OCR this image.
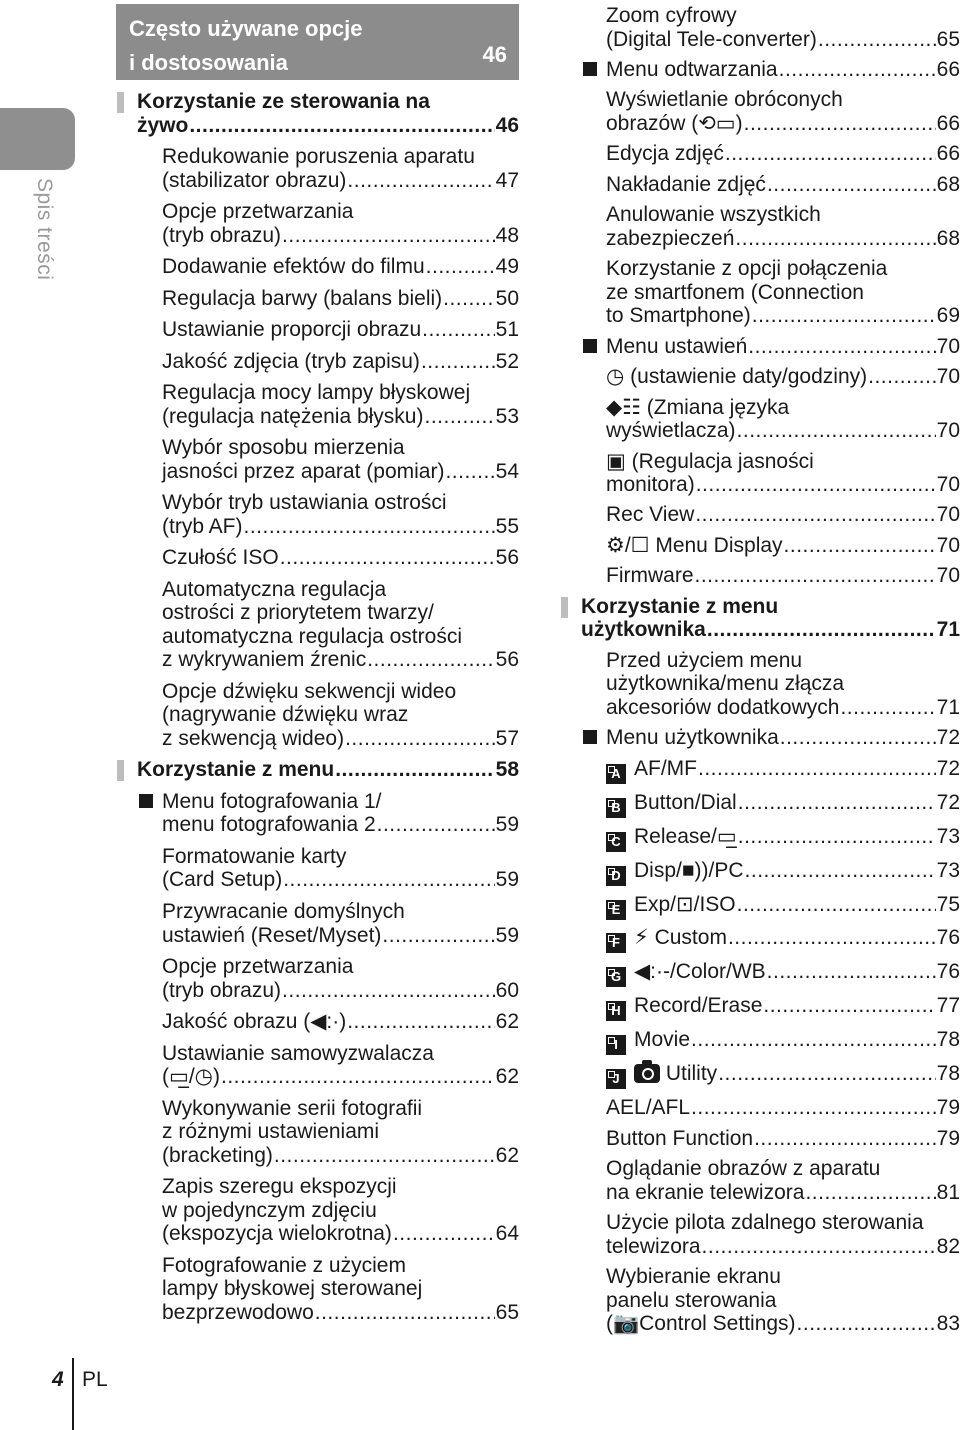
Spis treści
Często używane opcje
i dostosowania	46
Korzystanie ze sterowania na
żywo .....	46
Redukowanie poruszenia aparatu
(stabilizator obrazu) .....	47
Opcje przetwarzania
(tryb obrazu) .....	48
Dodawanie efektów do filmu .....	49
Regulacja barwy (balans bieli) .....	50
Ustawianie proporcji obrazu .....	51
Jakość zdjęcia (tryb zapisu) .....	52
Regulacja mocy lampy błyskowej
(regulacja natężenia błysku) .....	53
Wybór sposobu mierzenia
jasności przez aparat (pomiar) ..... 54
Wybór tryb ustawiania ostrości
(tryb AF) .....	55
Czułość ISO .....	56
Automatyczna regulacja
ostrości z priorytetem twarzy/
automatyczna regulacja ostrości
z wykrywaniem źrenic .....	56
Opcje dźwięku sekwencji wideo
(nagrywanie dźwięku wraz
z sekwencją wideo) .....	57
Korzystanie z menu .....	58
Menu fotografowania 1/
menu fotografowania 2 .....	59
Formatowanie karty
(Card Setup) .....	59
Przywracanie domyślnych
ustawień (Reset/Myset) .....	59
Opcje przetwarzania
(tryb obrazu) .....	60
Jakość obrazu (◀:·) .....	62
Ustawianie samowyzwalacza
(▭̲/◷) .....	62
Wykonywanie serii fotografii
z różnymi ustawieniami
(bracketing) .....	62
Zapis szeregu ekspozycji
w pojedynczym zdjęciu
(ekspozycja wielokrotna) .....	64
Fotografowanie z użyciem
lampy błyskowej sterowanej
bezprzewodowo .....	65
Zoom cyfrowy
(Digital Tele-converter) .....	65
Menu odtwarzania .....	66
Wyświetlanie obróconych
obrazów (⟲▭) .....	66
Edycja zdjęć .....	66
Nakładanie zdjęć .....	68
Anulowanie wszystkich
zabezpieczeń .....	68
Korzystanie z opcji połączenia
ze smartfonem (Connection
to Smartphone) .....	69
Menu ustawień .....	70
◷ (ustawienie daty/godziny) .....	70
◆☷ (Zmiana języka
wyświetlacza) .....	70
▣ (Regulacja jasności
monitora) .....	70
Rec View .....	70
⚙/☐ Menu Display .....	70
Firmware .....	70
Korzystanie z menu
użytkownika .....	71
Przed użyciem menu
użytkownika/menu złącza
akcesoriów dodatkowych .....	71
Menu użytkownika .....	72
A AF/MF .....	72
B Button/Dial .....	72
C Release/▭̲ .....	73
D Disp/■))/PC .....	73
E Exp/⊡/ISO .....	75
F ⚡ Custom .....	76
G ◀:·-/Color/WB .....	76
H Record/Erase .....	77
I Movie .....	78
J Utility .....	78
AEL/AFL .....	79
Button Function .....	79
Oglądanie obrazów z aparatu
na ekranie telewizora .....	81
Użycie pilota zdalnego sterowania
telewizora .....	82
Wybieranie ekranu
panelu sterowania
(📷Control Settings) .....	83
4 PL
